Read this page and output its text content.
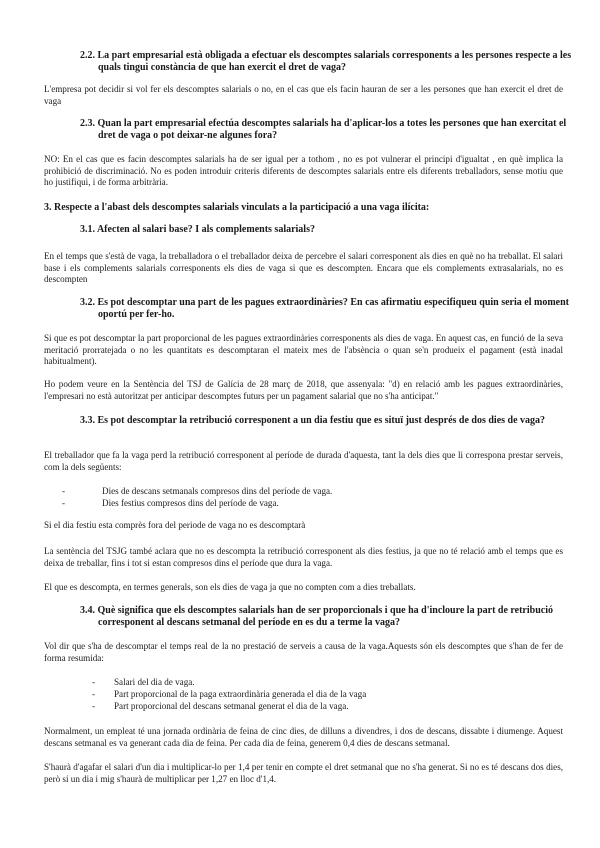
2.2. La part empresarial està obligada a efectuar els descomptes salarials corresponents a les persones respecte a les quals tingui constància de que han exercit el dret de vaga?
L'empresa pot decidir si vol fer els descomptes salarials o no, en el cas que els facin hauran de ser a les persones que han exercit el dret de vaga
2.3. Quan la part empresarial efectúa descomptes salarials ha d'aplicar-los a totes les persones que han exercitat el dret de vaga o pot deixar-ne algunes fora?
NO: En el cas que es facin descomptes salarials ha de ser igual per a tothom , no es pot vulnerar el principi d'igualtat , en què implica la prohibició de discriminació. No es poden introduir criteris diferents de descomptes salarials entre els diferents treballadors, sense motiu que ho justifiqui, i de forma arbitrària.
3. Respecte a l'abast dels descomptes salarials vinculats a la participació a una vaga ilícita:
3.1. Afecten al salari base? I als complements salarials?
En el temps que s'està de vaga, la treballadora o el treballador deixa de percebre el salari corresponent als dies en què no ha treballat. El salari base i els complements salarials corresponents els dies de vaga si que es descompten. Encara que els complements extrasalarials, no es descompten
3.2. Es pot descomptar una part de les pagues extraordinàries? En cas afirmatiu especifiqueu quin seria el moment oportú per fer-ho.
Si que es pot descomptar la part proporcional de les pagues extraordinàries corresponents als dies de vaga. En aquest cas, en funció de la seva meritació prorratejada o no les quantitats es descomptaran el mateix mes de l'absència o quan se'n produeix el pagament (està inadal habitualment).
Ho podem veure en la Sentència del TSJ de Galícia de 28 març de 2018, que assenyala: "d) en relació amb les pagues extraordinàries, l'empresari no està autoritzat per anticipar descomptes futurs per un pagament salarial que no s'ha anticipat."
3.3. Es pot descomptar la retribució corresponent a un dia festiu que es situï just després de dos dies de vaga?
El treballador que fa la vaga perd la retribució corresponent al període de durada d'aquesta, tant la dels dies que li correspona prestar serveis, com la dels següents:
-	Dies de descans setmanals compresos dins del període de vaga.
-	Dies festius compresos dins del període de vaga.
Si el dia festiu esta comprès fora del periode de vaga no es descomptarà
La sentència del TSJG també aclara que no es descompta la retribució corresponent als dies festius, ja que no té relació amb el temps que es deixa de treballar, fins i tot si estan compresos dins el període que dura la vaga.
El que es descompta, en termes generals, son els dies de vaga ja que no compten com a dies treballats.
3.4. Què significa que els descomptes salarials han de ser proporcionals i que ha d'incloure la part de retribució corresponent al descans setmanal del període en es du a terme la vaga?
Vol dir que s'ha de descomptar el temps real de la no prestació de serveis a causa de la vaga.Aquests són els descomptes que s'han de fer de forma resumida:
- Salari del dia de vaga.
- Part proporcional de la paga extraordinària generada el dia de la vaga
- Part proporcional del descans setmanal generat el dia de la vaga.
Normalment, un empleat té una jornada ordinària de feina de cinc dies, de dilluns a divendres, i dos de descans, dissabte i diumenge. Aquest descans setmanal es va generant cada dia de feina. Per cada dia de feina, generem 0,4 dies de descans setmanal.
S'haurà d'agafar el salari d'un dia i multiplicar-lo per 1,4 per tenir en compte el dret setmanal que no s'ha generat. Si no es té descans dos dies, però sí un dia i mig s'haurà de multiplicar per 1,27 en lloc d'1,4.
